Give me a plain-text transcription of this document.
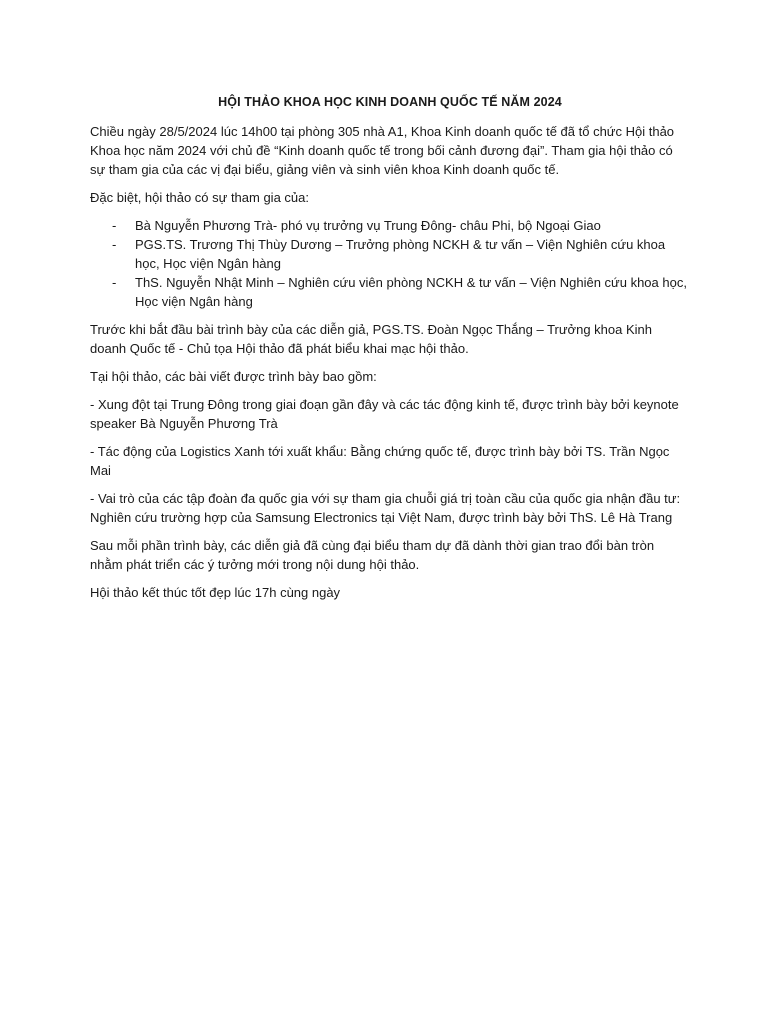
HỘI THẢO KHOA HỌC KINH DOANH QUỐC TẾ NĂM 2024

Chiều ngày 28/5/2024 lúc 14h00 tại phòng 305 nhà A1, Khoa Kinh doanh quốc tế đã tổ chức Hội thảo Khoa học năm 2024 với chủ đề “Kinh doanh quốc tế trong bối cảnh đương đại”. Tham gia hội thảo có sự tham gia của các vị đại biểu, giảng viên và sinh viên khoa Kinh doanh quốc tế.

Đặc biệt, hội thảo có sự tham gia của:

- Bà Nguyễn Phương Trà- phó vụ trưởng vụ Trung Đông- châu Phi, bộ Ngoại Giao
- PGS.TS. Trương Thị Thùy Dương – Trưởng phòng NCKH & tư vấn – Viện Nghiên cứu khoa học, Học viện Ngân hàng
- ThS. Nguyễn Nhật Minh – Nghiên cứu viên phòng NCKH & tư vấn – Viện Nghiên cứu khoa học, Học viện Ngân hàng

Trước khi bắt đầu bài trình bày của các diễn giả, PGS.TS. Đoàn Ngọc Thắng – Trưởng khoa Kinh doanh Quốc tế - Chủ tọa Hội thảo đã phát biểu khai mạc hội thảo.

Tại hội thảo, các bài viết được trình bày bao gồm:

- Xung đột tại Trung Đông trong giai đoạn gần đây và các tác động kinh tế, được trình bày bởi keynote speaker Bà Nguyễn Phương Trà

- Tác động của Logistics Xanh tới xuất khẩu: Bằng chứng quốc tế, được trình bày bởi TS. Trần Ngọc Mai

- Vai trò của các tập đoàn đa quốc gia với sự tham gia chuỗi giá trị toàn cầu của quốc gia nhận đầu tư: Nghiên cứu trường hợp của Samsung Electronics tại Việt Nam, được trình bày bởi ThS. Lê Hà Trang

Sau mỗi phần trình bày, các diễn giả đã cùng đại biểu tham dự đã dành thời gian trao đổi bàn tròn nhằm phát triển các ý tưởng mới trong nội dung hội thảo.

Hội thảo kết thúc tốt đẹp lúc 17h cùng ngày
